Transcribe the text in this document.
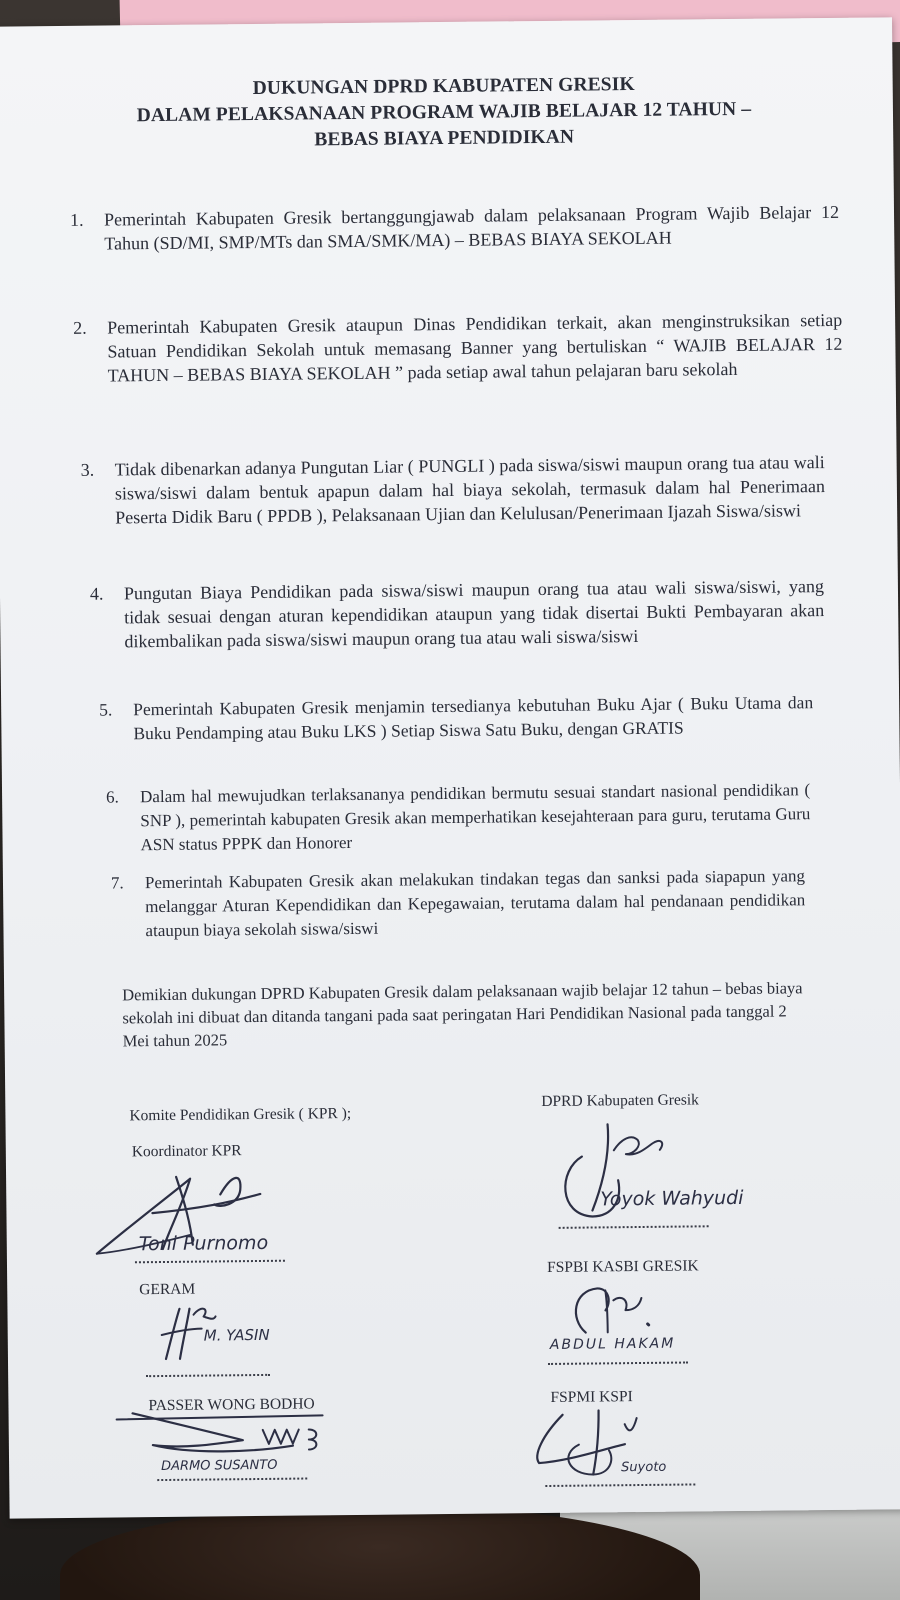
DUKUNGAN DPRD KABUPATEN GRESIK
DALAM PELAKSANAAN PROGRAM WAJIB BELAJAR 12 TAHUN –
BEBAS BIAYA PENDIDIKAN
1. Pemerintah Kabupaten Gresik bertanggungjawab dalam pelaksanaan Program Wajib Belajar 12 Tahun (SD/MI, SMP/MTs dan SMA/SMK/MA) – BEBAS BIAYA SEKOLAH
2. Pemerintah Kabupaten Gresik ataupun Dinas Pendidikan terkait, akan menginstruksikan setiap Satuan Pendidikan Sekolah untuk memasang Banner yang bertuliskan “ WAJIB BELAJAR 12 TAHUN – BEBAS BIAYA SEKOLAH ” pada setiap awal tahun pelajaran baru sekolah
3. Tidak dibenarkan adanya Pungutan Liar ( PUNGLI ) pada siswa/siswi maupun orang tua atau wali siswa/siswi dalam bentuk apapun dalam hal biaya sekolah, termasuk dalam hal Penerimaan Peserta Didik Baru ( PPDB ), Pelaksanaan Ujian dan Kelulusan/Penerimaan Ijazah Siswa/siswi
4. Pungutan Biaya Pendidikan pada siswa/siswi maupun orang tua atau wali siswa/siswi, yang tidak sesuai dengan aturan kependidikan ataupun yang tidak disertai Bukti Pembayaran akan dikembalikan pada siswa/siswi maupun orang tua atau wali siswa/siswi
5. Pemerintah Kabupaten Gresik menjamin tersedianya kebutuhan Buku Ajar ( Buku Utama dan Buku Pendamping atau Buku LKS ) Setiap Siswa Satu Buku, dengan GRATIS
6. Dalam hal mewujudkan terlaksananya pendidikan bermutu sesuai standart nasional pendidikan ( SNP ), pemerintah kabupaten Gresik akan memperhatikan kesejahteraan para guru, terutama Guru ASN status PPPK dan Honorer
7. Pemerintah Kabupaten Gresik akan melakukan tindakan tegas dan sanksi pada siapapun yang melanggar Aturan Kependidikan dan Kepegawaian, terutama dalam hal pendanaan pendidikan ataupun biaya sekolah siswa/siswi
Demikian dukungan DPRD Kabupaten Gresik dalam pelaksanaan wajib belajar 12 tahun – bebas biaya sekolah ini dibuat dan ditanda tangani pada saat peringatan Hari Pendidikan Nasional pada tanggal 2 Mei tahun 2025
Komite Pendidikan Gresik ( KPR );
Koordinator KPR
Toni Purnomo
GERAM
M. YASIN
PASSER WONG BODHO
DARMO SUSANTO
DPRD Kabupaten Gresik
Yoyok Wahyudi
FSPBI KASBI GRESIK
ABDUL HAKAM
FSPMI KSPI
Suyoto
